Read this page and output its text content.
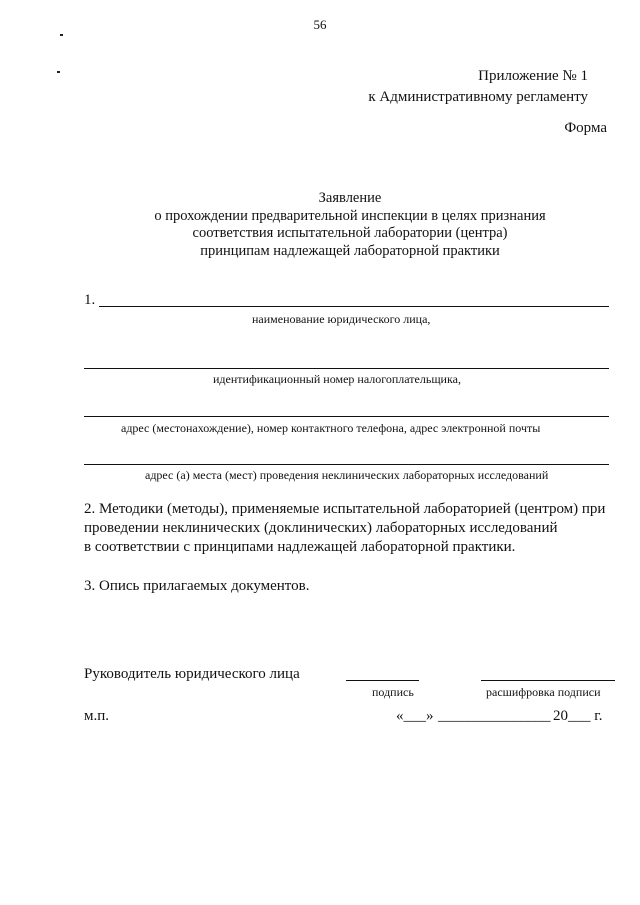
56
Приложение № 1
к Административному регламенту
Форма
Заявление
о прохождении предварительной инспекции в целях признания
соответствия испытательной лаборатории (центра)
принципам надлежащей лабораторной практики
1.
наименование юридического лица,
идентификационный номер налогоплательщика,
адрес (местонахождение), номер контактного телефона, адрес электронной почты
адрес (а) места (мест) проведения неклинических лабораторных исследований
2. Методики (методы), применяемые испытательной лабораторией (центром) при
проведении неклинических (доклинических) лабораторных исследований
в соответствии с принципами надлежащей лабораторной практики.
3. Опись прилагаемых документов.
Руководитель юридического лица
подпись	расшифровка подписи
м.п.	«___» _______________ 20___ г.
